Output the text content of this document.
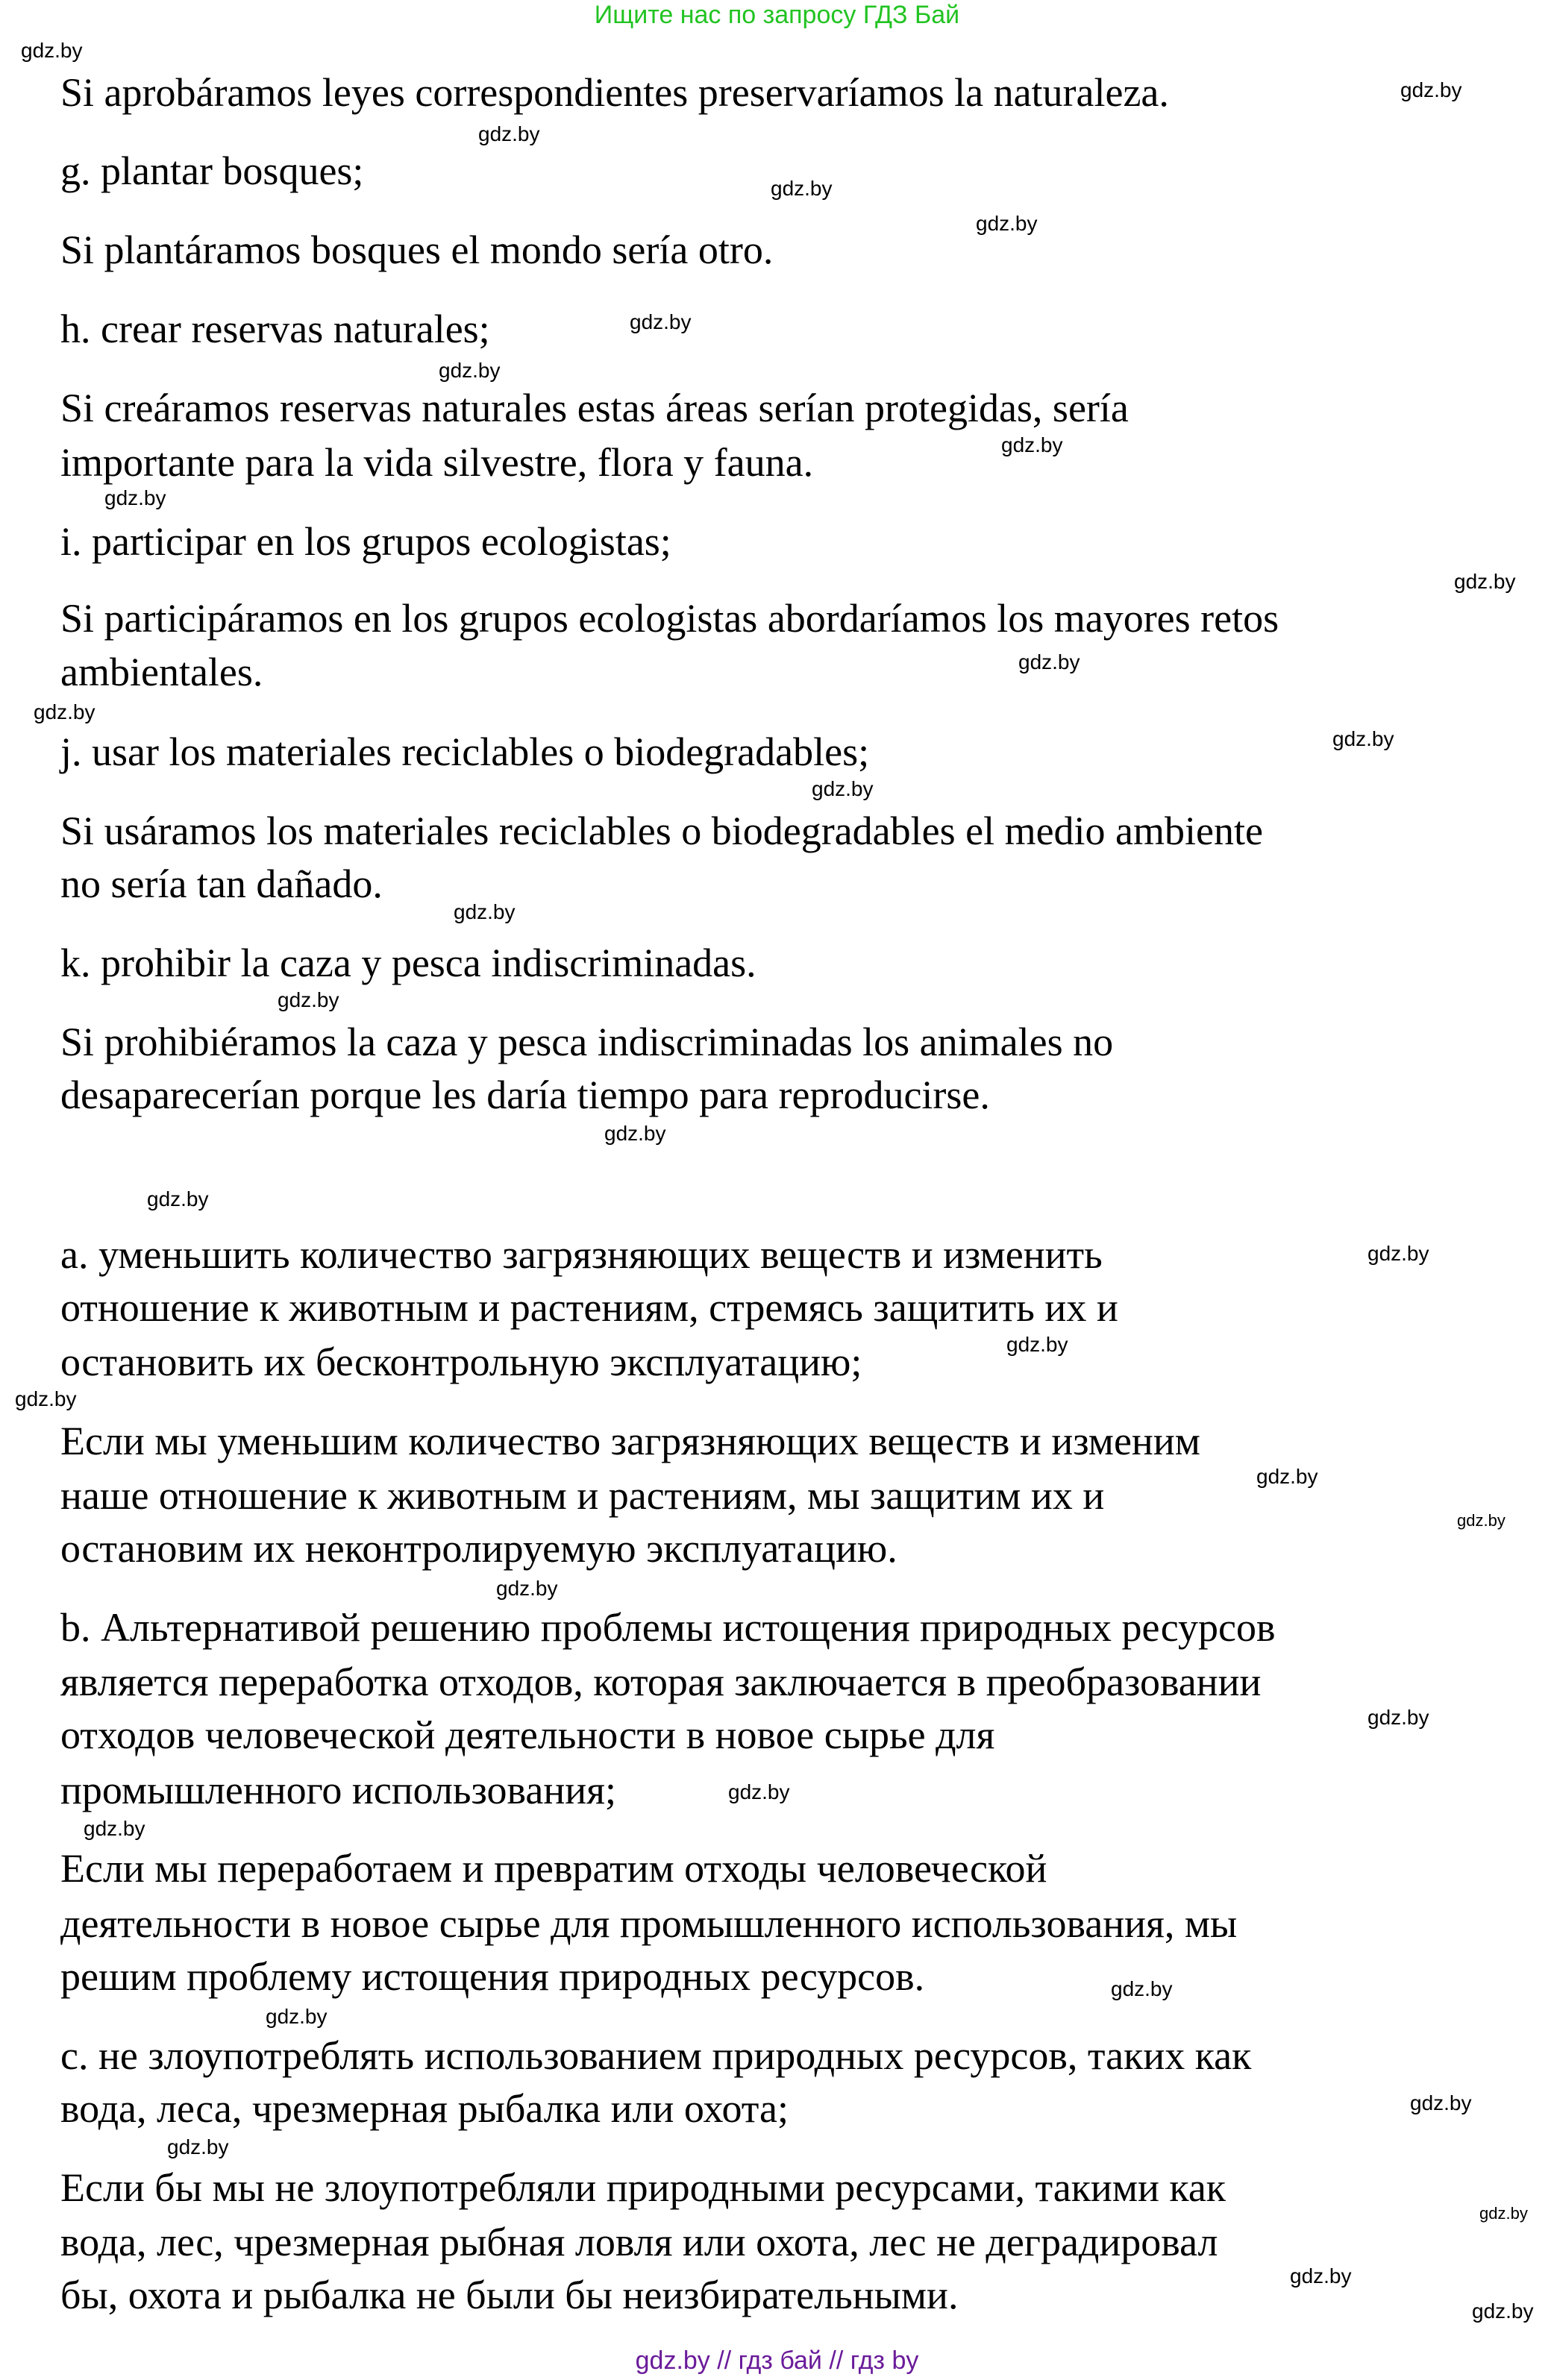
Ищите нас по запросу ГДЗ Бай
Si aprobáramos leyes correspondientes preservaríamos la naturaleza.
g. plantar bosques;
Si plantáramos bosques el mondo sería otro.
h. crear reservas naturales;
Si creáramos reservas naturales estas áreas serían protegidas, sería
importante para la vida silvestre, flora y fauna.
i. participar en los grupos ecologistas;
Si participáramos en los grupos ecologistas abordaríamos los mayores retos
ambientales.
j. usar los materiales reciclables o biodegradables;
Si usáramos los materiales reciclables o biodegradables el medio ambiente
no sería tan dañado.
k. prohibir la caza y pesca indiscriminadas.
Si prohibiéramos la caza y pesca indiscriminadas los animales no
desaparecerían porque les daría tiempo para reproducirse.
a. уменьшить количество загрязняющих веществ и изменить
отношение к животным и растениям, стремясь защитить их и
остановить их бесконтрольную эксплуатацию;
Если мы уменьшим количество загрязняющих веществ и изменим
наше отношение к животным и растениям, мы защитим их и
остановим их неконтролируемую эксплуатацию.
b. Альтернативой решению проблемы истощения природных ресурсов
является переработка отходов, которая заключается в преобразовании
отходов человеческой деятельности в новое сырье для
промышленного использования;
Если мы переработаем и превратим отходы человеческой
деятельности в новое сырье для промышленного использования, мы
решим проблему истощения природных ресурсов.
c. не злоупотреблять использованием природных ресурсов, таких как
вода, леса, чрезмерная рыбалка или охота;
Если бы мы не злоупотребляли природными ресурсами, такими как
вода, лес, чрезмерная рыбная ловля или охота, лес не деградировал
бы, охота и рыбалка не были бы неизбирательными.
gdz.by
gdz.by
gdz.by
gdz.by
gdz.by
gdz.by
gdz.by
gdz.by
gdz.by
gdz.by
gdz.by
gdz.by
gdz.by
gdz.by
gdz.by
gdz.by
gdz.by
gdz.by
gdz.by
gdz.by
gdz.by
gdz.by
gdz.by
gdz.by
gdz.by
gdz.by
gdz.by
gdz.by
gdz.by
gdz.by
gdz.by
gdz.by
gdz.by
gdz.by
gdz.by // гдз бай // гдз by
